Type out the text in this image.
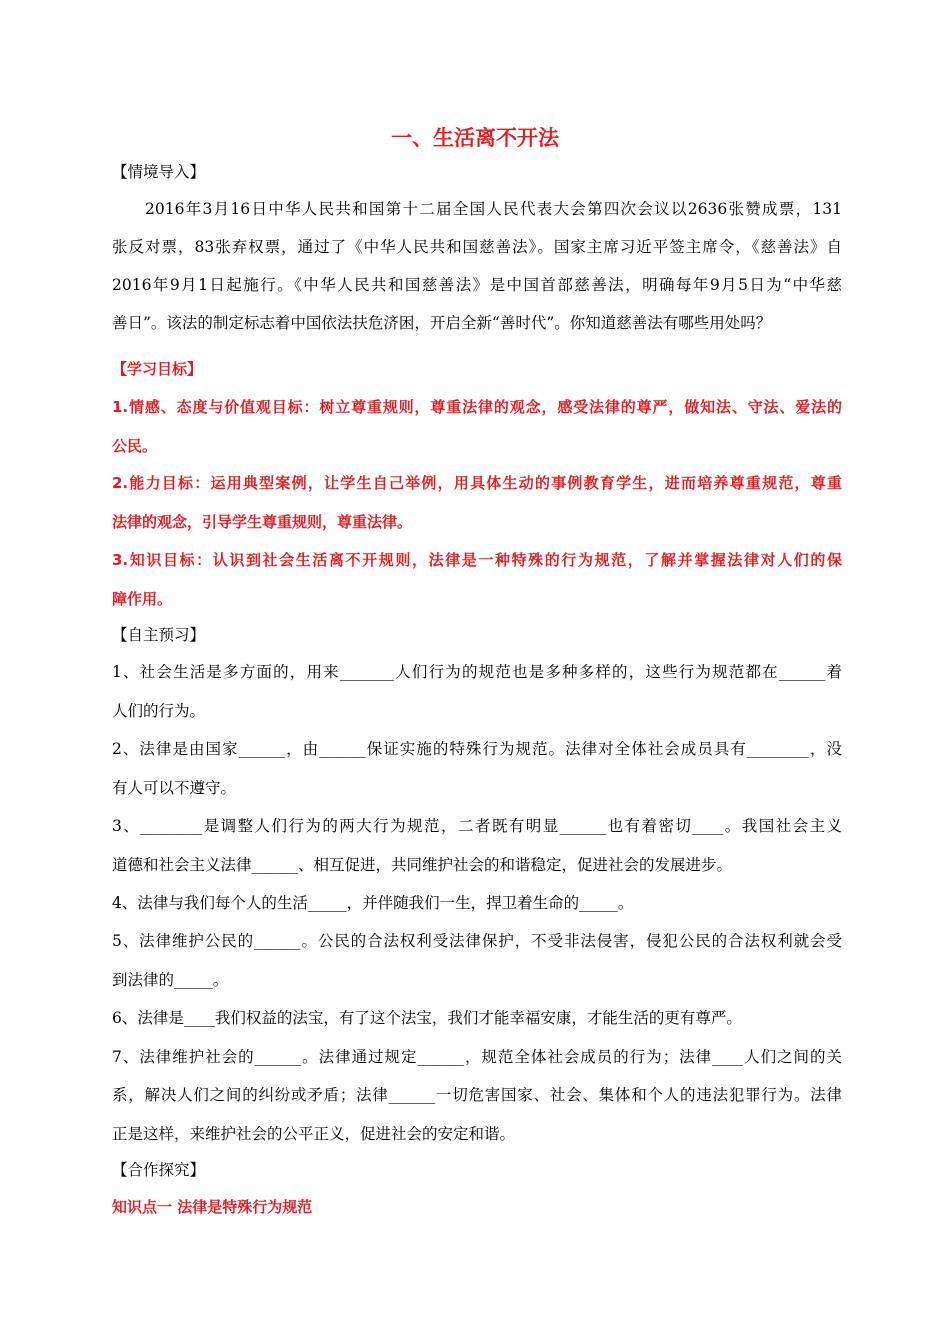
一、生活离不开法
【情境导入】
2016年3月16日中华人民共和国第十二届全国人民代表大会第四次会议以2636张赞成票，131
张反对票，83张弃权票，通过了《中华人民共和国慈善法》。国家主席习近平签主席令，《慈善法》自
2016年9月1日起施行。《中华人民共和国慈善法》是中国首部慈善法，明确每年9月5日为“中华慈
善日”。该法的制定标志着中国依法扶危济困，开启全新“善时代”。你知道慈善法有哪些用处吗？
【学习目标】
1.情感、态度与价值观目标：树立尊重规则，尊重法律的观念，感受法律的尊严，做知法、守法、爱法的
公民。
2.能力目标：运用典型案例，让学生自己举例，用具体生动的事例教育学生，进而培养尊重规范，尊重
法律的观念，引导学生尊重规则，尊重法律。
3.知识目标：认识到社会生活离不开规则，法律是一种特殊的行为规范，了解并掌握法律对人们的保
障作用。
【自主预习】
1、社会生活是多方面的，用来_______人们行为的规范也是多种多样的，这些行为规范都在______着
人们的行为。
2、法律是由国家______，由______保证实施的特殊行为规范。法律对全体社会成员具有________，没
有人可以不遵守。
3、________是调整人们行为的两大行为规范，二者既有明显______也有着密切____。我国社会主义
道德和社会主义法律______、相互促进，共同维护社会的和谐稳定，促进社会的发展进步。
4、法律与我们每个人的生活_____，并伴随我们一生，捍卫着生命的_____。
5、法律维护公民的______。公民的合法权利受法律保护，不受非法侵害，侵犯公民的合法权利就会受
到法律的_____。
6、法律是____我们权益的法宝，有了这个法宝，我们才能幸福安康，才能生活的更有尊严。
7、法律维护社会的______。法律通过规定______，规范全体社会成员的行为；法律____人们之间的关
系，解决人们之间的纠纷或矛盾；法律______一切危害国家、社会、集体和个人的违法犯罪行为。法律
正是这样，来维护社会的公平正义，促进社会的安定和谐。
【合作探究】
知识点一 法律是特殊行为规范
